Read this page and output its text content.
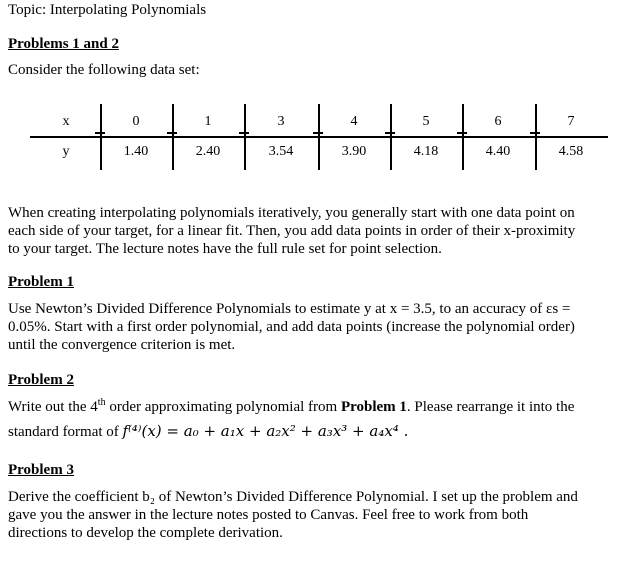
Topic: Interpolating Polynomials
Problems 1 and 2
Consider the following data set:
x	0	1	3	4	5	6	7
y	1.40	2.40	3.54	3.90	4.18	4.40	4.58
When creating interpolating polynomials iteratively, you generally start with one data point on
each side of your target, for a linear fit. Then, you add data points in order of their x-proximity
to your target. The lecture notes have the full rule set for point selection.
Problem 1
Use Newton’s Divided Difference Polynomials to estimate y at x = 3.5, to an accuracy of εs =
0.05%. Start with a first order polynomial, and add data points (increase the polynomial order)
until the convergence criterion is met.
Problem 2
Write out the 4th order approximating polynomial from Problem 1. Please rearrange it into the
standard format of f⁽⁴⁾(x) = a₀ + a₁x + a₂x² + a₃x³ + a₄x⁴ .
Problem 3
Derive the coefficient b₂ of Newton’s Divided Difference Polynomial. I set up the problem and
gave you the answer in the lecture notes posted to Canvas. Feel free to work from both
directions to develop the complete derivation.
